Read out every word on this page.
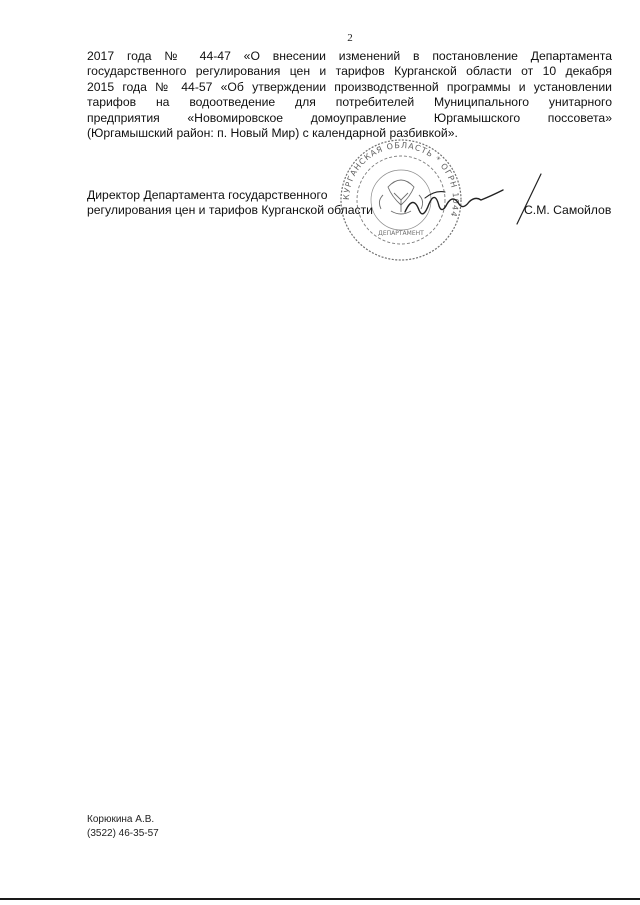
2
2017 года № 44-47 «О внесении изменений в постановление Департамента
государственного регулирования цен и тарифов Курганской области от 10 декабря
2015 года № 44-57 «Об утверждении производственной программы и установлении
тарифов на водоотведение для потребителей Муниципального унитарного
предприятия «Новомировское домоуправление Юргамышского поссовета»
(Юргамышский район: п. Новый Мир) с календарной разбивкой».
КУРГАНСКАЯ ОБЛАСТЬ * ОГРН 1044
ДЕПАРТАМЕНТ
Директор Департамента государственного
регулирования цен и тарифов Курганской области	С.М. Самойлов
Корюкина А.В.
(3522) 46-35-57
